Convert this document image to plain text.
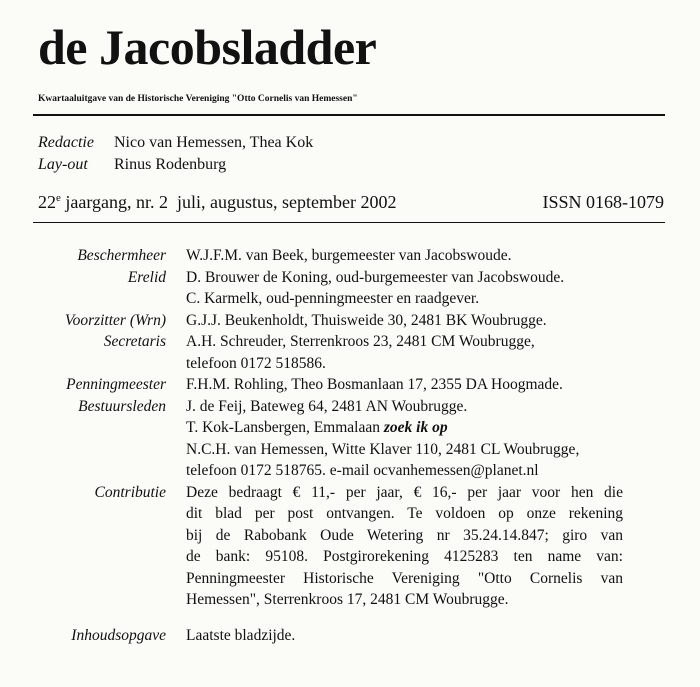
de Jacobsladder
Kwartaaluitgave van de Historische Vereniging "Otto Cornelis van Hemessen"
Redactie Nico van Hemessen, Thea Kok
Lay-out Rinus Rodenburg
22e jaargang, nr. 2 juli, augustus, september 2002	ISSN 0168-1079
Beschermheer	W.J.F.M. van Beek, burgemeester van Jacobswoude.
Erelid	D. Brouwer de Koning, oud-burgemeester van Jacobswoude.
C. Karmelk, oud-penningmeester en raadgever.
Voorzitter (Wrn)	G.J.J. Beukenholdt, Thuisweide 30, 2481 BK Woubrugge.
Secretaris	A.H. Schreuder, Sterrenkroos 23, 2481 CM Woubrugge,
telefoon 0172 518586.
Penningmeester	F.H.M. Rohling, Theo Bosmanlaan 17, 2355 DA Hoogmade.
Bestuursleden	J. de Feij, Bateweg 64, 2481 AN Woubrugge.
T. Kok-Lansbergen, Emmalaan zoek ik op
N.C.H. van Hemessen, Witte Klaver 110, 2481 CL Woubrugge,
telefoon 0172 518765. e-mail ocvanhemessen@planet.nl
Contributie	Deze bedraagt € 11,- per jaar, € 16,- per jaar voor hen die
dit blad per post ontvangen. Te voldoen op onze rekening
bij de Rabobank Oude Wetering nr 35.24.14.847; giro van
de bank: 95108. Postgirorekening 4125283 ten name van:
Penningmeester Historische Vereniging "Otto Cornelis van
Hemessen", Sterrenkroos 17, 2481 CM Woubrugge.
Inhoudsopgave	Laatste bladzijde.
